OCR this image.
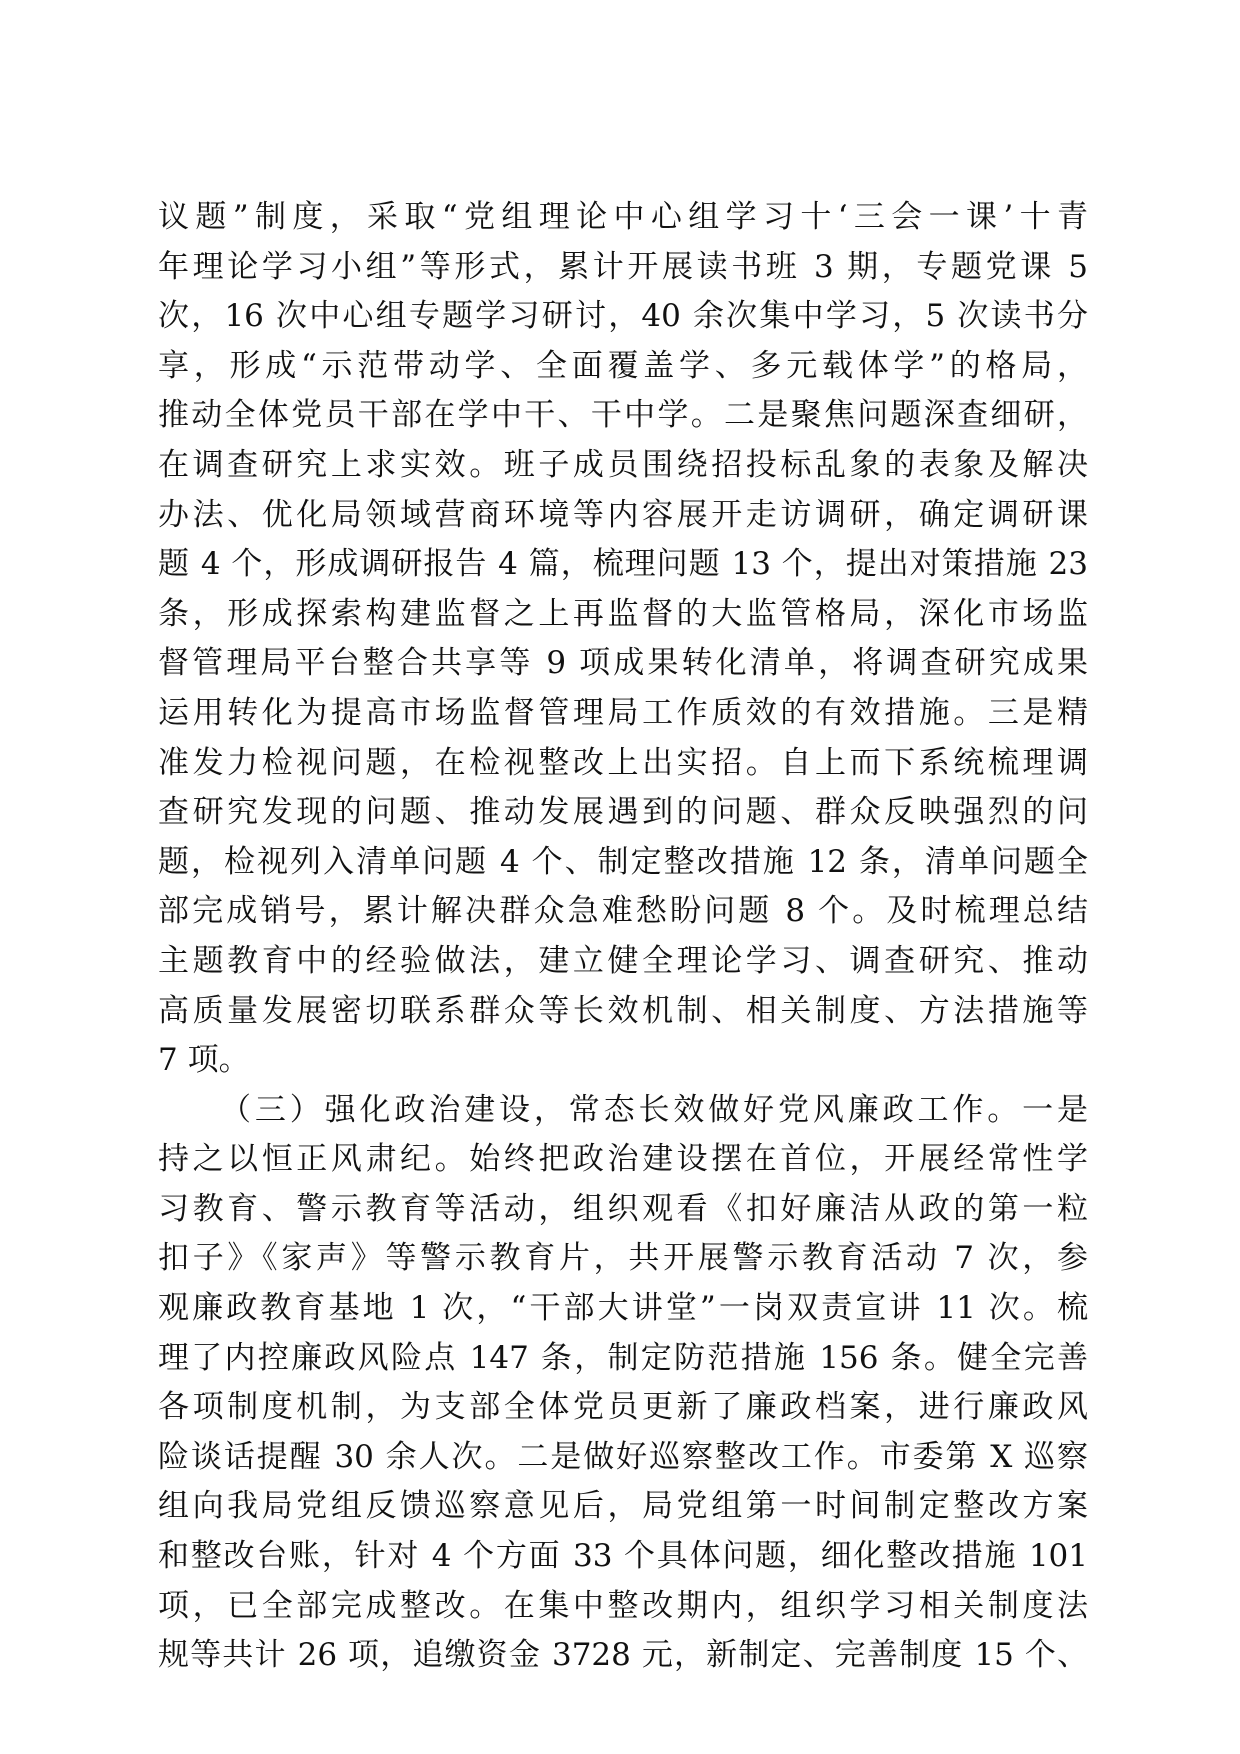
议题”制度，采取“党组理论中心组学习十‘三会一课’十青
年理论学习小组”等形式，累计开展读书班 3 期，专题党课 5
次，16 次中心组专题学习研讨，40 余次集中学习，5 次读书分
享，形成“示范带动学、全面覆盖学、多元载体学”的格局，
推动全体党员干部在学中干、干中学。二是聚焦问题深查细研，
在调查研究上求实效。班子成员围绕招投标乱象的表象及解决
办法、优化局领域营商环境等内容展开走访调研，确定调研课
题 4 个，形成调研报告 4 篇，梳理问题 13 个，提出对策措施 23
条，形成探索构建监督之上再监督的大监管格局，深化市场监
督管理局平台整合共享等 9 项成果转化清单，将调查研究成果
运用转化为提高市场监督管理局工作质效的有效措施。三是精
准发力检视问题，在检视整改上出实招。自上而下系统梳理调
查研究发现的问题、推动发展遇到的问题、群众反映强烈的问
题，检视列入清单问题 4 个、制定整改措施 12 条，清单问题全
部完成销号，累计解决群众急难愁盼问题 8 个。及时梳理总结
主题教育中的经验做法，建立健全理论学习、调查研究、推动
高质量发展密切联系群众等长效机制、相关制度、方法措施等
7 项。
（三）强化政治建设，常态长效做好党风廉政工作。一是
持之以恒正风肃纪。始终把政治建设摆在首位，开展经常性学
习教育、警示教育等活动，组织观看《扣好廉洁从政的第一粒
扣子》《家声》等警示教育片，共开展警示教育活动 7 次，参
观廉政教育基地 1 次，“干部大讲堂”一岗双责宣讲 11 次。梳
理了内控廉政风险点 147 条，制定防范措施 156 条。健全完善
各项制度机制，为支部全体党员更新了廉政档案，进行廉政风
险谈话提醒 30 余人次。二是做好巡察整改工作。市委第 X 巡察
组向我局党组反馈巡察意见后，局党组第一时间制定整改方案
和整改台账，针对 4 个方面 33 个具体问题，细化整改措施 101
项，已全部完成整改。在集中整改期内，组织学习相关制度法
规等共计 26 项，追缴资金 3728 元，新制定、完善制度 15 个、
